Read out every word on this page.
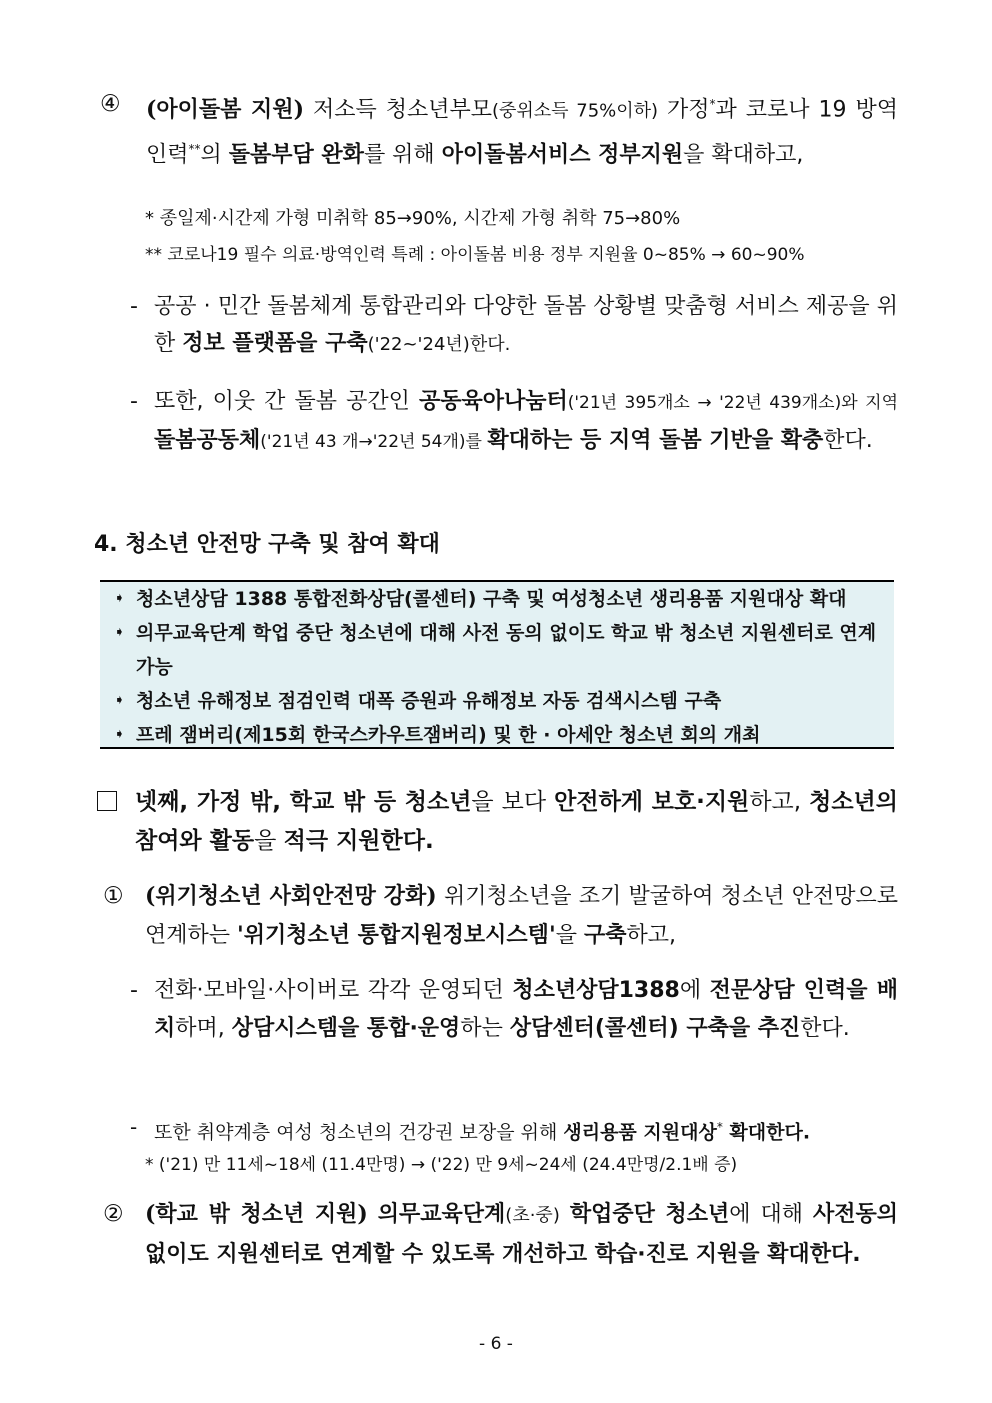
④ (아이돌봄 지원) 저소득 청소년부모(중위소득 75%이하) 가정*과 코로나 19 방역인력**의 돌봄부담 완화를 위해 아이돌봄서비스 정부지원을 확대하고,

* 종일제·시간제 가형 미취학 85→90%, 시간제 가형 취학 75→80%
** 코로나19 필수 의료·방역인력 특례 : 아이돌봄 비용 정부 지원율 0~85% → 60~90%
- 공공 · 민간 돌봄체계 통합관리와 다양한 돌봄 상황별 맞춤형 서비스 제공을 위한 정보 플랫폼을 구축('22~'24년)한다.

- 또한, 이웃 간 돌봄 공간인 공동육아나눔터('21년 395개소 → '22년 439개소)와 지역 돌봄공동체('21년 43 개→'22년 54개)를 확대하는 등 지역 돌봄 기반을 확충한다.

4. 청소년 안전망 구축 및 참여 확대
➧ 청소년상담 1388 통합전화상담(콜센터) 구축 및 여성청소년 생리용품 지원대상 확대
➧ 의무교육단계 학업 중단 청소년에 대해 사전 동의 없이도 학교 밖 청소년 지원센터로 연계 가능
➧ 청소년 유해정보 점검인력 대폭 증원과 유해정보 자동 검색시스템 구축
➧ 프레 잼버리(제15회 한국스카우트잼버리) 및 한 · 아세안 청소년 회의 개최

넷째, 가정 밖, 학교 밖 등 청소년을 보다 안전하게 보호·지원하고, 청소년의 참여와 활동을 적극 지원한다.

① (위기청소년 사회안전망 강화) 위기청소년을 조기 발굴하여 청소년 안전망으로 연계하는 '위기청소년 통합지원정보시스템'을 구축하고,

- 전화·모바일·사이버로 각각 운영되던 청소년상담1388에 전문상담 인력을 배치하며, 상담시스템을 통합·운영하는 상담센터(콜센터) 구축을 추진한다.

- 또한 취약계층 여성 청소년의 건강권 보장을 위해 생리용품 지원대상* 확대한다.

* ('21) 만 11세~18세 (11.4만명) → ('22) 만 9세~24세 (24.4만명/2.1배 증)
② (학교 밖 청소년 지원) 의무교육단계(초·중) 학업중단 청소년에 대해 사전동의 없이도 지원센터로 연계할 수 있도록 개선하고 학습·진로 지원을 확대한다.

- 6 -
